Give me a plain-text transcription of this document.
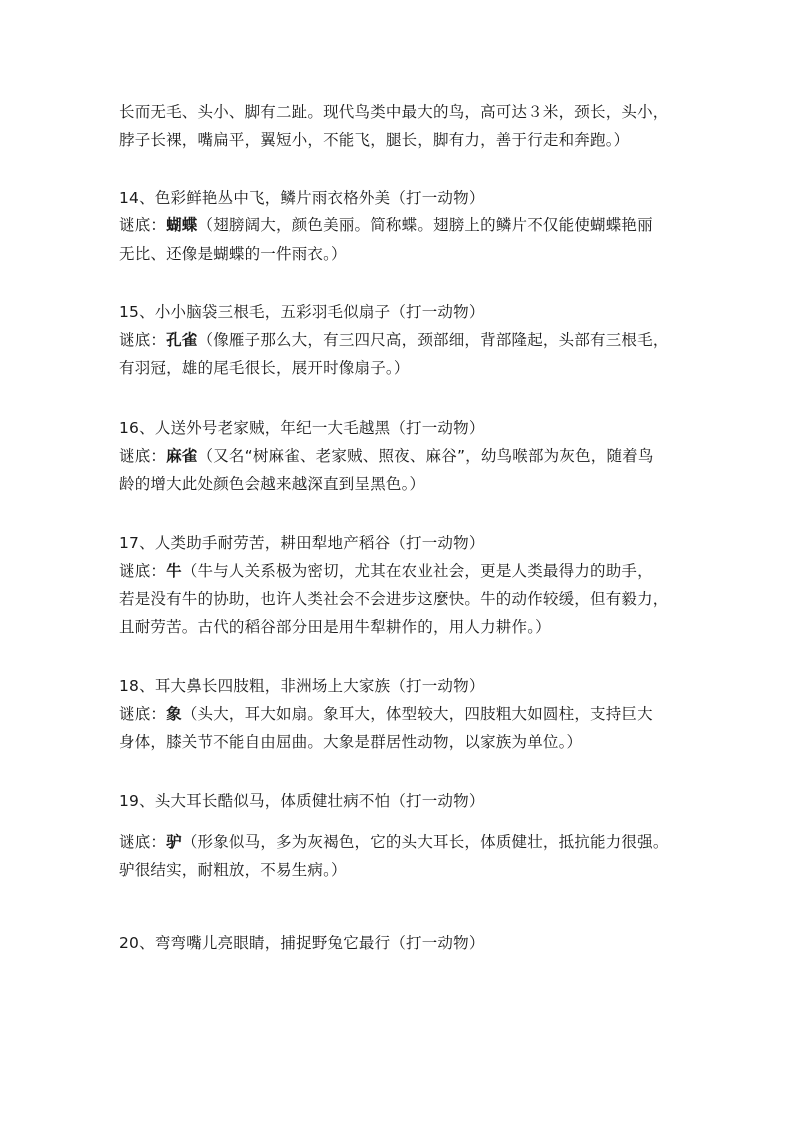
长而无毛、头小、脚有二趾。现代鸟类中最大的鸟，高可达３米，颈长，头小，
脖子长裸，嘴扁平，翼短小，不能飞，腿长，脚有力，善于行走和奔跑。）
14、色彩鲜艳丛中飞，鳞片雨衣格外美（打一动物）
谜底：蝴蝶（翅膀阔大，颜色美丽。简称蝶。翅膀上的鳞片不仅能使蝴蝶艳丽
无比、还像是蝴蝶的一件雨衣。）
15、小小脑袋三根毛，五彩羽毛似扇子（打一动物）
谜底：孔雀（像雁子那么大，有三四尺高，颈部细，背部隆起，头部有三根毛，
有羽冠，雄的尾毛很长，展开时像扇子。）
16、人送外号老家贼，年纪一大毛越黑（打一动物）
谜底：麻雀（又名“树麻雀、老家贼、照夜、麻谷”，幼鸟喉部为灰色，随着鸟
龄的增大此处颜色会越来越深直到呈黑色。）
17、人类助手耐劳苦，耕田犁地产稻谷（打一动物）
谜底：牛（牛与人关系极为密切，尤其在农业社会，更是人类最得力的助手，
若是没有牛的协助，也许人类社会不会进步这麼快。牛的动作较缓，但有毅力，
且耐劳苦。古代的稻谷部分田是用牛犁耕作的，用人力耕作。）
18、耳大鼻长四肢粗，非洲场上大家族（打一动物）
谜底：象（头大，耳大如扇。象耳大，体型较大，四肢粗大如圆柱，支持巨大
身体，膝关节不能自由屈曲。大象是群居性动物，以家族为单位。）
19、头大耳长酷似马，体质健壮病不怕（打一动物）
谜底：驴（形象似马，多为灰褐色，它的头大耳长，体质健壮，抵抗能力很强。
驴很结实，耐粗放，不易生病。）
20、弯弯嘴儿亮眼睛，捕捉野兔它最行（打一动物）
